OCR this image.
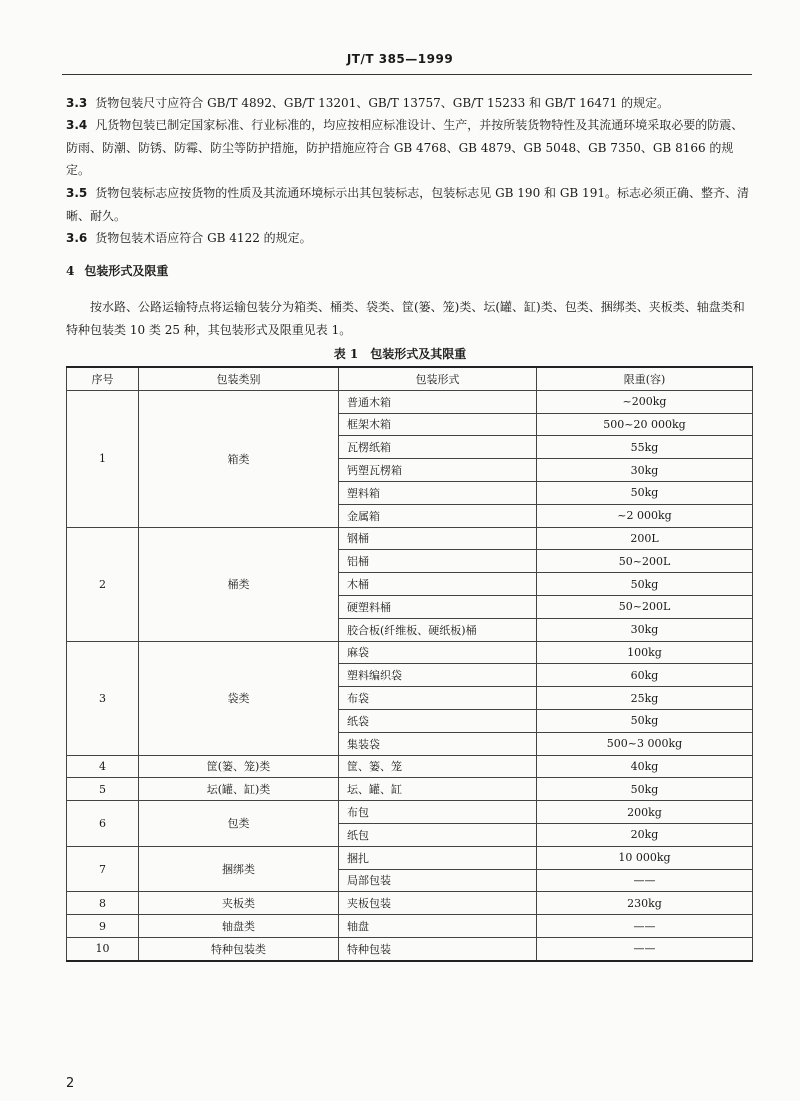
JT/T 385—1999
3.3 货物包装尺寸应符合 GB/T 4892、GB/T 13201、GB/T 13757、GB/T 15233 和 GB/T 16471 的规定。
3.4 凡货物包装已制定国家标准、行业标准的，均应按相应标准设计、生产，并按所装货物特性及其流通环境采取必要的防震、防雨、防潮、防锈、防霉、防尘等防护措施，防护措施应符合 GB 4768、GB 4879、GB 5048、GB 7350、GB 8166 的规定。
3.5 货物包装标志应按货物的性质及其流通环境标示出其包装标志，包装标志见 GB 190 和 GB 191。标志必须正确、整齐、清晰、耐久。
3.6 货物包装术语应符合 GB 4122 的规定。
4 包装形式及限重
按水路、公路运输特点将运输包装分为箱类、桶类、袋类、筐(篓、笼)类、坛(罐、缸)类、包类、捆绑类、夹板类、轴盘类和特种包装类 10 类 25 种，其包装形式及限重见表 1。
表 1　包装形式及其限重
序号	包装类别	包装形式	限重(容)
1	箱类	普通木箱	~200kg
		框架木箱	500~20 000kg
		瓦楞纸箱	55kg
		钙塑瓦楞箱	30kg
		塑料箱	50kg
		金属箱	~2 000kg
2	桶类	钢桶	200L
		铝桶	50~200L
		木桶	50kg
		硬塑料桶	50~200L
		胶合板(纤维板、硬纸板)桶	30kg
3	袋类	麻袋	100kg
		塑料编织袋	60kg
		布袋	25kg
		纸袋	50kg
		集装袋	500~3 000kg
4	筐(篓、笼)类	筐、篓、笼	40kg
5	坛(罐、缸)类	坛、罐、缸	50kg
6	包类	布包	200kg
		纸包	20kg
7	捆绑类	捆扎	10 000kg
		局部包装	——
8	夹板类	夹板包装	230kg
9	轴盘类	轴盘	——
10	特种包装类	特种包装	——
2
